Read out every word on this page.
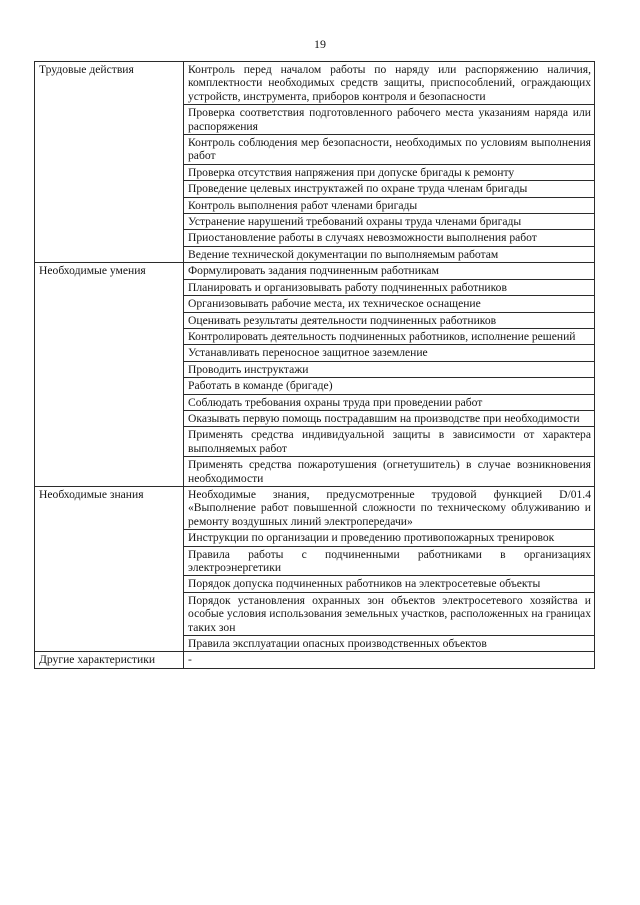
19
Трудовые действия	Контроль перед началом работы по наряду или распоряжению наличия, комплектности необходимых средств защиты, приспособлений, ограждающих устройств, инструмента, приборов контроля и безопасности
	Проверка соответствия подготовленного рабочего места указаниям наряда или распоряжения
	Контроль соблюдения мер безопасности, необходимых по условиям выполнения работ
	Проверка отсутствия напряжения при допуске бригады к ремонту
	Проведение целевых инструктажей по охране труда членам бригады
	Контроль выполнения работ членами бригады
	Устранение нарушений требований охраны труда членами бригады
	Приостановление работы в случаях невозможности выполнения работ
	Ведение технической документации по выполняемым работам
Необходимые умения	Формулировать задания подчиненным работникам
	Планировать и организовывать работу подчиненных работников
	Организовывать рабочие места, их техническое оснащение
	Оценивать результаты деятельности подчиненных работников
	Контролировать деятельность подчиненных работников, исполнение решений
	Устанавливать переносное защитное заземление
	Проводить инструктажи
	Работать в команде (бригаде)
	Соблюдать требования охраны труда при проведении работ
	Оказывать первую помощь пострадавшим на производстве при необходимости
	Применять средства индивидуальной защиты в зависимости от характера выполняемых работ
	Применять средства пожаротушения (огнетушитель) в случае возникновения необходимости
Необходимые знания	Необходимые знания, предусмотренные трудовой функцией D/01.4 «Выполнение работ повышенной сложности по техническому облуживанию и ремонту воздушных линий электропередачи»
	Инструкции по организации и проведению противопожарных тренировок
	Правила работы с подчиненными работниками в организациях электроэнергетики
	Порядок допуска подчиненных работников на электросетевые объекты
	Порядок установления охранных зон объектов электросетевого хозяйства и особые условия использования земельных участков, расположенных на границах таких зон
	Правила эксплуатации опасных производственных объектов
Другие характеристики	-
